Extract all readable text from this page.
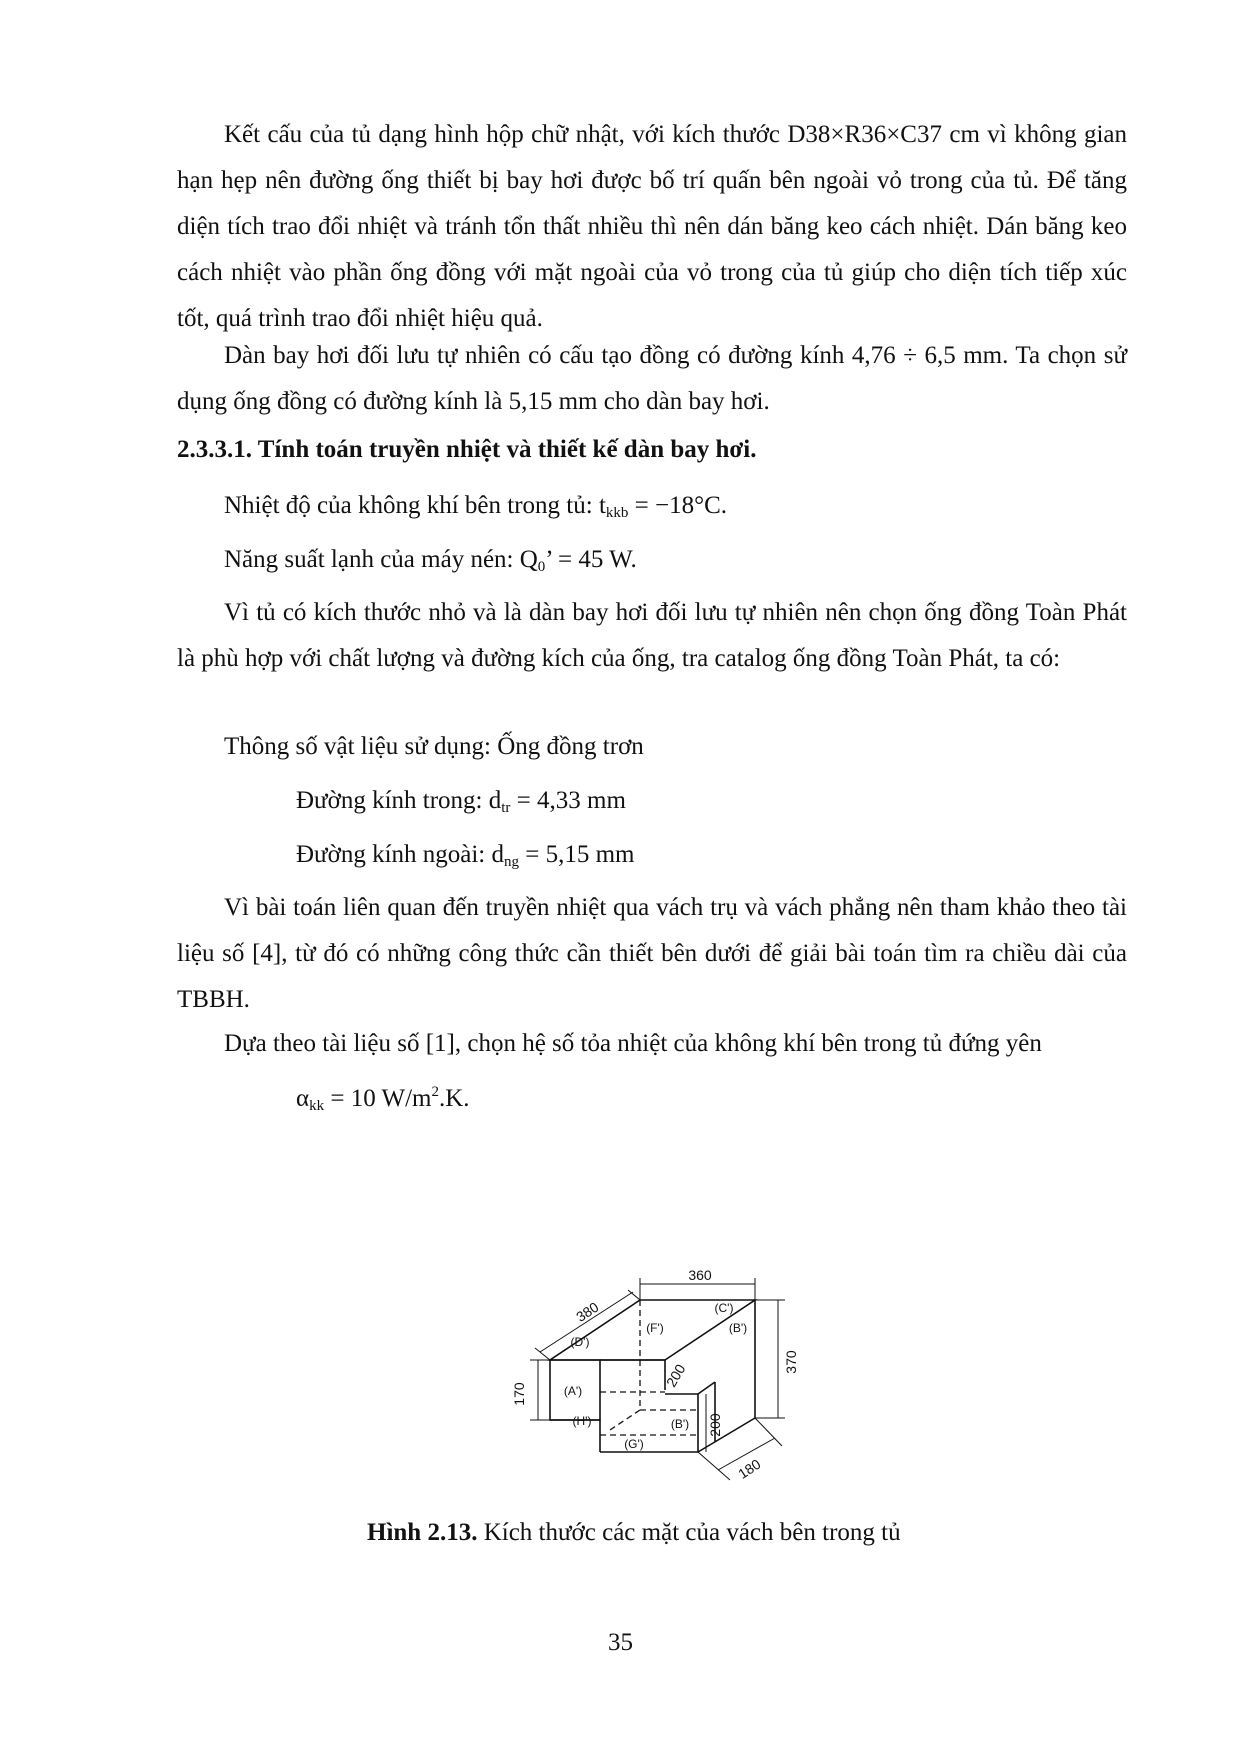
Kết cấu của tủ dạng hình hộp chữ nhật, với kích thước D38×R36×C37 cm vì không gian hạn hẹp nên đường ống thiết bị bay hơi được bố trí quấn bên ngoài vỏ trong của tủ. Để tăng diện tích trao đổi nhiệt và tránh tổn thất nhiều thì nên dán băng keo cách nhiệt. Dán băng keo cách nhiệt vào phần ống đồng với mặt ngoài của vỏ trong của tủ giúp cho diện tích tiếp xúc tốt, quá trình trao đổi nhiệt hiệu quả.
Dàn bay hơi đối lưu tự nhiên có cấu tạo đồng có đường kính 4,76 ÷ 6,5 mm. Ta chọn sử dụng ống đồng có đường kính là 5,15 mm cho dàn bay hơi.
2.3.3.1. Tính toán truyền nhiệt và thiết kế dàn bay hơi.
Nhiệt độ của không khí bên trong tủ: $t_{kkb} = -18^\circ C$.
Năng suất lạnh của máy nén: $Q_0$’ = 45 W.
Vì tủ có kích thước nhỏ và là dàn bay hơi đối lưu tự nhiên nên chọn ống đồng Toàn Phát là phù hợp với chất lượng và đường kích của ống, tra catalog ống đồng Toàn Phát, ta có:
Thông số vật liệu sử dụng: Ống đồng trơn
Đường kính trong: $d_{tr} = 4,33$ mm
Đường kính ngoài: $d_{ng} = 5,15$ mm
Vì bài toán liên quan đến truyền nhiệt qua vách trụ và vách phẳng nên tham khảo theo tài liệu số [4], từ đó có những công thức cần thiết bên dưới để giải bài toán tìm ra chiều dài của TBBH.
Dựa theo tài liệu số [1], chọn hệ số tỏa nhiệt của không khí bên trong tủ đứng yên
$\alpha_{kk} = 10$ $W/m^2.K$.
360
380
370
170
200
200
180
(A')
(D')
(F')
(C')
(B')
(H')	(B')
(G')
Hình 2.13. Kích thước các mặt của vách bên trong tủ
35
